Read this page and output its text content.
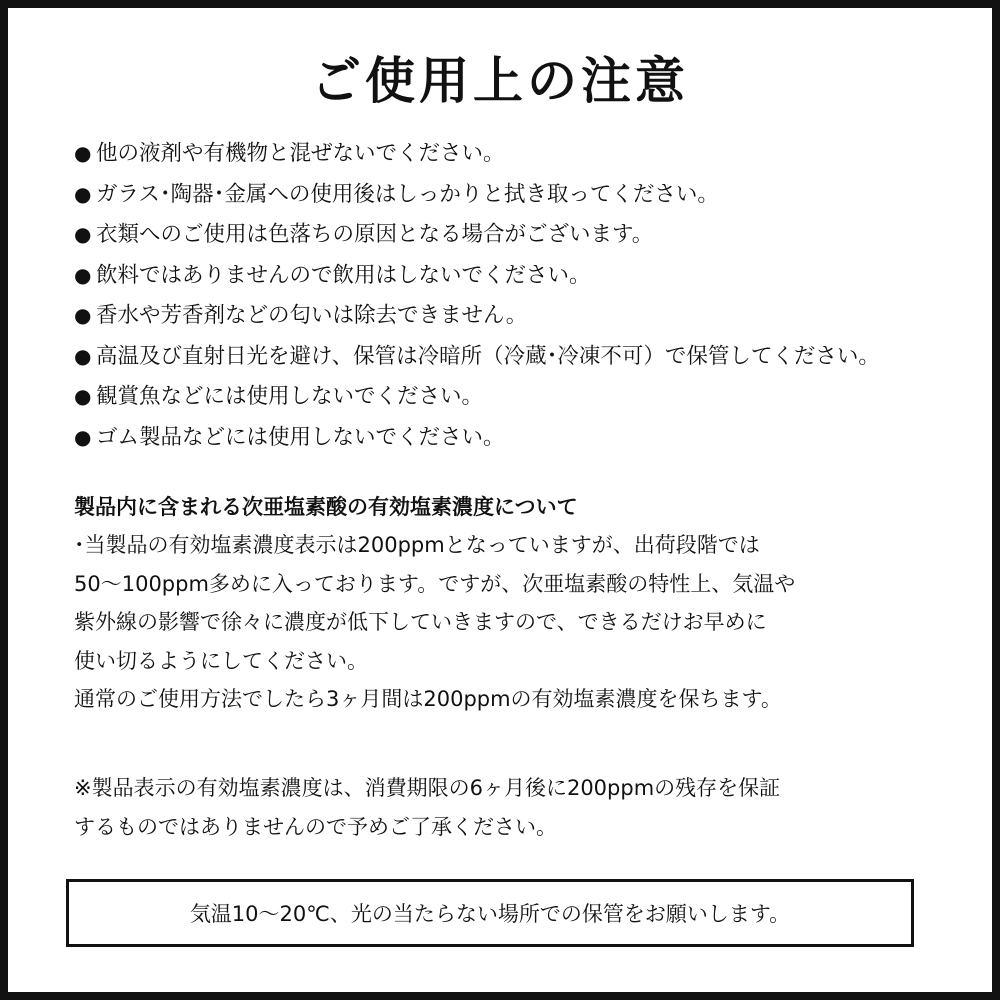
ご使用上の注意
● 他の液剤や有機物と混ぜないでください。
● ガラス･陶器･金属への使用後はしっかりと拭き取ってください。
● 衣類へのご使用は色落ちの原因となる場合がございます。
● 飲料ではありませんので飲用はしないでください。
● 香水や芳香剤などの匂いは除去できません。
● 高温及び直射日光を避け、保管は冷暗所（冷蔵･冷凍不可）で保管してください。
● 観賞魚などには使用しないでください。
● ゴム製品などには使用しないでください。
製品内に含まれる次亜塩素酸の有効塩素濃度について

･当製品の有効塩素濃度表示は200ppmとなっていますが、出荷段階では

50～100ppm多めに入っております。ですが、次亜塩素酸の特性上、気温や

紫外線の影響で徐々に濃度が低下していきますので、できるだけお早めに

使い切るようにしてください。

通常のご使用方法でしたら3ヶ月間は200ppmの有効塩素濃度を保ちます。

※製品表示の有効塩素濃度は、消費期限の6ヶ月後に200ppmの残存を保証

するものではありませんので予めご了承ください。

気温10～20℃、光の当たらない場所での保管をお願いします。
